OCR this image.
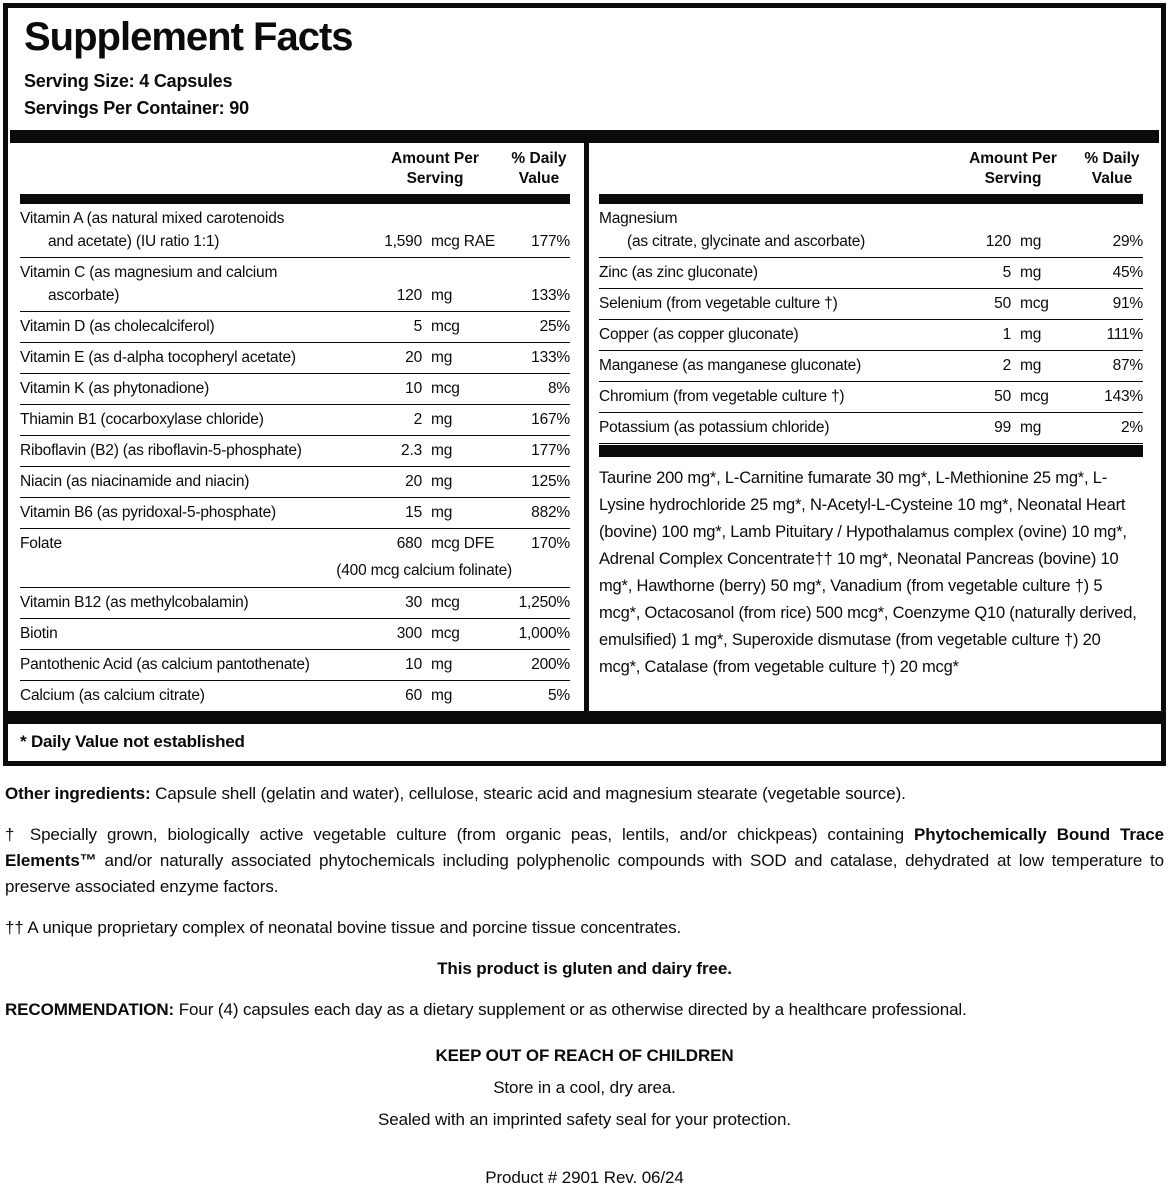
Supplement Facts
Serving Size: 4 Capsules
Servings Per Container: 90
Amount Per Serving
% Daily Value
Vitamin A (as natural mixed carotenoids
and acetate) (IU ratio 1:1)	1,590 mcg RAE	177%
Vitamin C (as magnesium and calcium
ascorbate)	120 mg	133%
Vitamin D (as cholecalciferol)	5 mcg	25%
Vitamin E (as d-alpha tocopheryl acetate)	20 mg	133%
Vitamin K (as phytonadione)	10 mcg	8%
Thiamin B1 (cocarboxylase chloride)	2 mg	167%
Riboflavin (B2) (as riboflavin-5-phosphate)	2.3 mg	177%
Niacin (as niacinamide and niacin)	20 mg	125%
Vitamin B6 (as pyridoxal-5-phosphate)	15 mg	882%
Folate	680 mcg DFE	170%
(400 mcg calcium folinate)
Vitamin B12 (as methylcobalamin)	30 mcg	1,250%
Biotin	300 mcg	1,000%
Pantothenic Acid (as calcium pantothenate)	10 mg	200%
Calcium (as calcium citrate)	60 mg	5%
Amount Per Serving
% Daily Value
Magnesium
(as citrate, glycinate and ascorbate)	120 mg	29%
Zinc (as zinc gluconate)	5 mg	45%
Selenium (from vegetable culture †)	50 mcg	91%
Copper (as copper gluconate)	1 mg	111%
Manganese (as manganese gluconate)	2 mg	87%
Chromium (from vegetable culture †)	50 mcg	143%
Potassium (as potassium chloride)	99 mg	2%

Taurine 200 mg*, L-Carnitine fumarate 30 mg*, L-Methionine 25 mg*, L-Lysine hydrochloride 25 mg*, N-Acetyl-L-Cysteine 10 mg*, Neonatal Heart (bovine) 100 mg*, Lamb Pituitary / Hypothalamus complex (ovine) 10 mg*, Adrenal Complex Concentrate†† 10 mg*, Neonatal Pancreas (bovine) 10 mg*, Hawthorne (berry) 50 mg*, Vanadium (from vegetable culture †) 5 mcg*, Octacosanol (from rice) 500 mcg*, Coenzyme Q10 (naturally derived, emulsified) 1 mg*, Superoxide dismutase (from vegetable culture †) 20 mcg*, Catalase (from vegetable culture †) 20 mcg*

* Daily Value not established

Other ingredients: Capsule shell (gelatin and water), cellulose, stearic acid and magnesium stearate (vegetable source).

† Specially grown, biologically active vegetable culture (from organic peas, lentils, and/or chickpeas) containing Phytochemically Bound Trace Elements™ and/or naturally associated phytochemicals including polyphenolic compounds with SOD and catalase, dehydrated at low temperature to preserve associated enzyme factors.

†† A unique proprietary complex of neonatal bovine tissue and porcine tissue concentrates.

This product is gluten and dairy free.

RECOMMENDATION: Four (4) capsules each day as a dietary supplement or as otherwise directed by a healthcare professional.

KEEP OUT OF REACH OF CHILDREN

Store in a cool, dry area.

Sealed with an imprinted safety seal for your protection.

Product # 2901 Rev. 06/24
